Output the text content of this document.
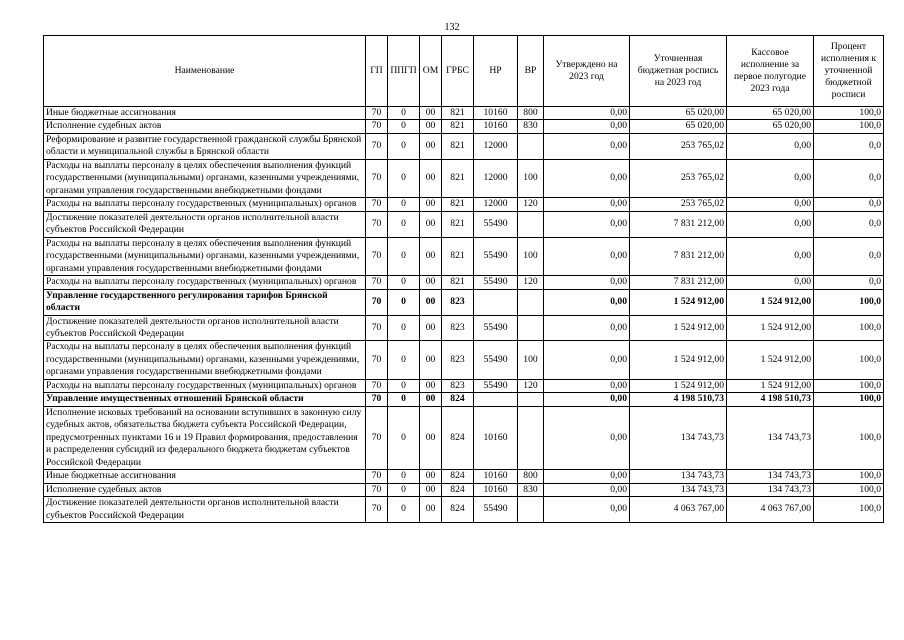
132
Наименование	ГП	ППГП	ОМ	ГРБС	НР	ВР	Утверждено на 2023 год	Уточненная бюджетная роспись на 2023 год	Кассовое исполнение за первое полугодие 2023 года	Процент исполнения к уточненной бюджетной росписи
Иные бюджетные ассигнования	70	0	00	821	10160	800	0,00	65 020,00	65 020,00	100,0
Исполнение судебных актов	70	0	00	821	10160	830	0,00	65 020,00	65 020,00	100,0
Реформирование и развитие государственной гражданской службы Брянской области и муниципальной службы в Брянской области	70	0	00	821	12000		0,00	253 765,02	0,00	0,0
Расходы на выплаты персоналу в целях обеспечения выполнения функций государственными (муниципальными) органами, казенными учреждениями, органами управления государственными внебюджетными фондами	70	0	00	821	12000	100	0,00	253 765,02	0,00	0,0
Расходы на выплаты персоналу государственных (муниципальных) органов	70	0	00	821	12000	120	0,00	253 765,02	0,00	0,0
Достижение показателей деятельности органов исполнительной власти субъектов Российской Федерации	70	0	00	821	55490		0,00	7 831 212,00	0,00	0,0
Расходы на выплаты персоналу в целях обеспечения выполнения функций государственными (муниципальными) органами, казенными учреждениями, органами управления государственными внебюджетными фондами	70	0	00	821	55490	100	0,00	7 831 212,00	0,00	0,0
Расходы на выплаты персоналу государственных (муниципальных) органов	70	0	00	821	55490	120	0,00	7 831 212,00	0,00	0,0
Управление государственного регулирования тарифов Брянской области	70	0	00	823			0,00	1 524 912,00	1 524 912,00	100,0
Достижение показателей деятельности органов исполнительной власти субъектов Российской Федерации	70	0	00	823	55490		0,00	1 524 912,00	1 524 912,00	100,0
Расходы на выплаты персоналу в целях обеспечения выполнения функций государственными (муниципальными) органами, казенными учреждениями, органами управления государственными внебюджетными фондами	70	0	00	823	55490	100	0,00	1 524 912,00	1 524 912,00	100,0
Расходы на выплаты персоналу государственных (муниципальных) органов	70	0	00	823	55490	120	0,00	1 524 912,00	1 524 912,00	100,0
Управление имущественных отношений Брянской области	70	0	00	824			0,00	4 198 510,73	4 198 510,73	100,0
Исполнение исковых требований на основании вступивших в законную силу судебных актов, обязательства бюджета субъекта Российской Федерации, предусмотренных пунктами 16 и 19 Правил формирования, предоставления и распределения субсидий из федерального бюджета бюджетам субъектов Российской Федерации	70	0	00	824	10160		0,00	134 743,73	134 743,73	100,0
Иные бюджетные ассигнования	70	0	00	824	10160	800	0,00	134 743,73	134 743,73	100,0
Исполнение судебных актов	70	0	00	824	10160	830	0,00	134 743,73	134 743,73	100,0
Достижение показателей деятельности органов исполнительной власти субъектов Российской Федерации	70	0	00	824	55490		0,00	4 063 767,00	4 063 767,00	100,0
